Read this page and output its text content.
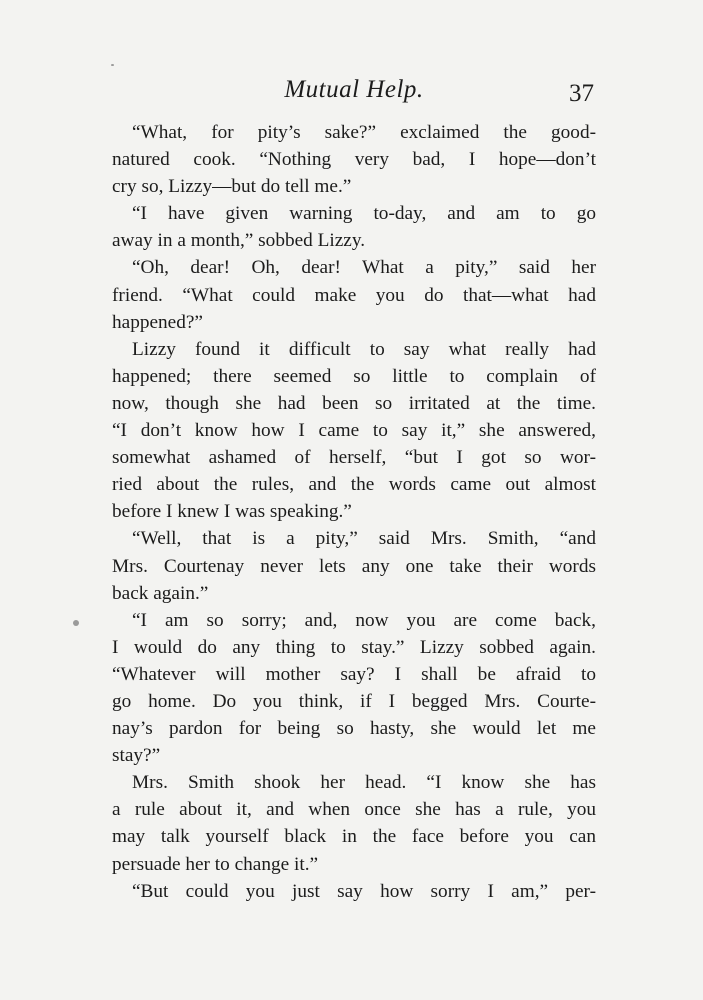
Mutual Help.	37
“What, for pity’s sake?” exclaimed the good-
natured cook. “Nothing very bad, I hope—don’t
cry so, Lizzy—but do tell me.”
“I have given warning to-day, and am to go
away in a month,” sobbed Lizzy.
“Oh, dear! Oh, dear! What a pity,” said her
friend. “What could make you do that—what had
happened?”
Lizzy found it difficult to say what really had
happened; there seemed so little to complain of
now, though she had been so irritated at the time.
“I don’t know how I came to say it,” she answered,
somewhat ashamed of herself, “but I got so wor-
ried about the rules, and the words came out almost
before I knew I was speaking.”
“Well, that is a pity,” said Mrs. Smith, “and
Mrs. Courtenay never lets any one take their words
back again.”
“I am so sorry; and, now you are come back,
I would do any thing to stay.” Lizzy sobbed again.
“Whatever will mother say? I shall be afraid to
go home. Do you think, if I begged Mrs. Courte-
nay’s pardon for being so hasty, she would let me
stay?”
Mrs. Smith shook her head. “I know she has
a rule about it, and when once she has a rule, you
may talk yourself black in the face before you can
persuade her to change it.”
“But could you just say how sorry I am,” per-
